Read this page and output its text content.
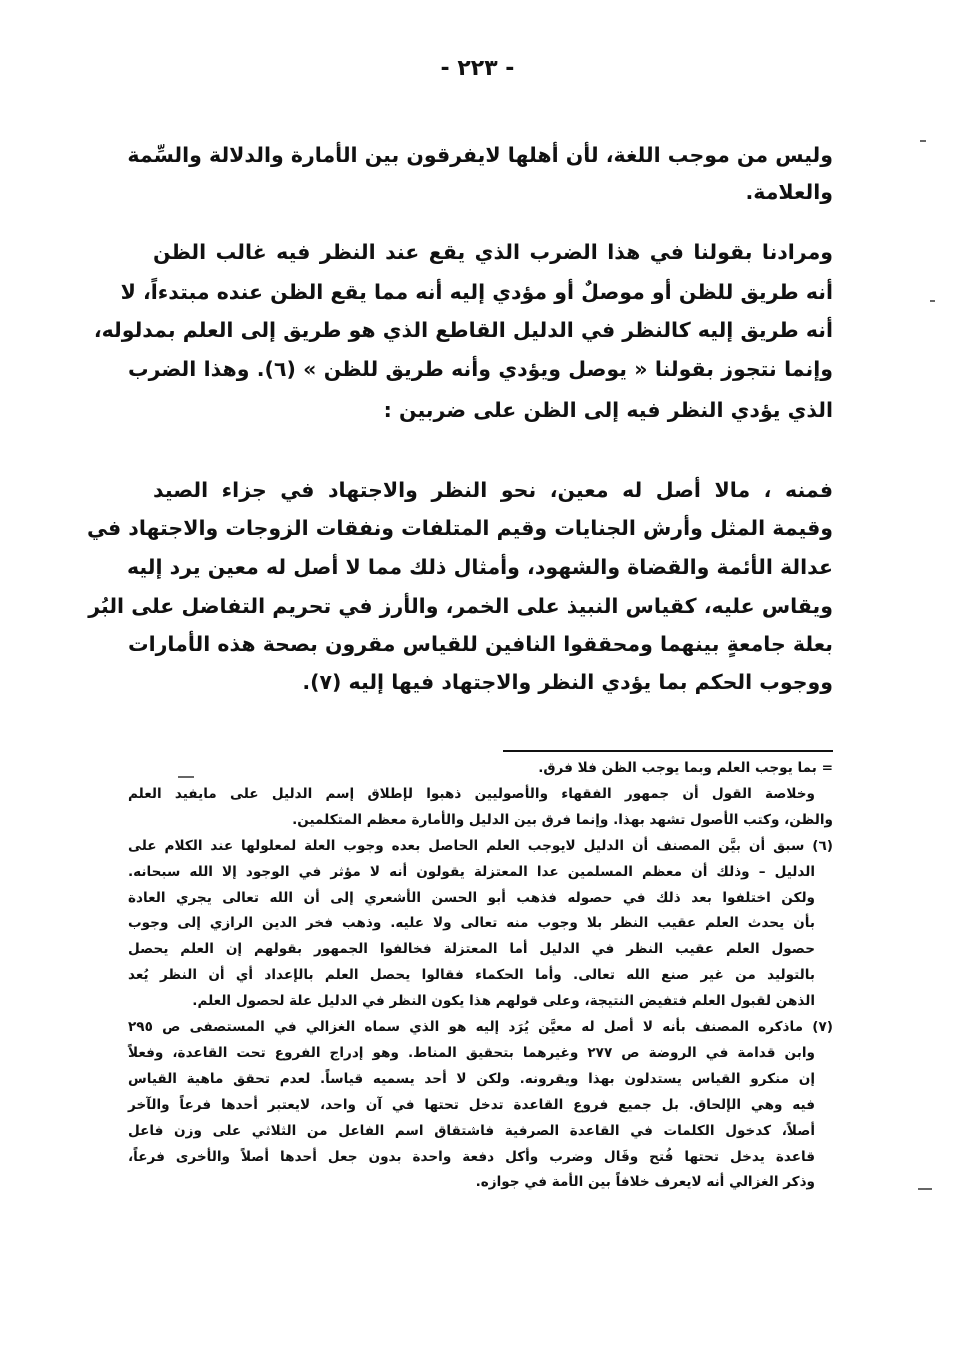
- ٢٢٣ -
وليس من موجب اللغة، لأن أهلها لايفرقون بين الأمارة والدلالة والسِّمة
والعلامة.
ومرادنا بقولنا في هذا الضرب الذي يقع عند النظر فيه غالب الظن
أنه طريق للظن أو موصلٌ أو مؤدي إليه أنه مما يقع الظن عنده مبتدءاً، لا
أنه طريق إليه كالنظر في الدليل القاطع الذي هو طريق إلى العلم بمدلوله،
وإنما نتجوز بقولنا « يوصل ويؤدي وأنه طريق للظن » (٦). وهذا الضرب
الذي يؤدي النظر فيه إلى الظن على ضربين :
فمنه ، مالا أصل له معين، نحو النظر والاجتهاد في جزاء الصيد
وقيمة المثل وأرش الجنايات وقيم المتلفات ونفقات الزوجات والاجتهاد في
عدالة الأئمة والقضاة والشهود، وأمثال ذلك مما لا أصل له معين يرد إليه
ويقاس عليه، كقياس النبيذ على الخمر، والأرز في تحريم التفاضل على البُر
بعلة جامعةٍ بينهما ومحققوا النافين للقياس مقرون بصحة هذه الأمارات
ووجوب الحكم بما يؤدي النظر والاجتهاد فيها إليه (٧).
= بما يوجب العلم وبما يوجب الظن فلا فرق.
وخلاصة القول أن جمهور الفقهاء والأصوليين ذهبوا لإطلاق إسم الدليل على مايفيد العلم
والظن، وكتب الأصول تشهد بهذا. وإنما فرق بين الدليل والأمارة معظم المتكلمين.
(٦) سبق أن بيَّن المصنف أن الدليل لايوجب العلم الحاصل بعده وجوب العلة لمعلولها عند الكلام على
الدليل – وذلك أن معظم المسلمين عدا المعتزلة يقولون أنه لا مؤثر في الوجود إلا الله سبحانه.
ولكن اختلفوا بعد ذلك في حصوله فذهب أبو الحسن الأشعري إلى أن الله تعالى يجري العادة
بأن يحدث العلم عقيب النظر بلا وجوب منه تعالى ولا عليه. وذهب فخر الدين الرازي إلى وجوب
حصول العلم عقيب النظر في الدليل أما المعتزلة فخالفوا الجمهور بقولهم إن العلم يحصل
بالتوليد من غير صنع الله تعالى. وأما الحكماء فقالوا يحصل العلم بالإعداد أي أن النظر يُعد
الذهن لقبول العلم فتفيض النتيجة، وعلى قولهم هذا يكون النظر في الدليل علة لحصول العلم.
(٧) ماذكره المصنف بأنه لا أصل له معيَّن يُرَد إليه هو الذي سماه الغزالي في المستصفى ص ٢٩٥
وابن قدامة في الروضة ص ٢٧٧ وغيرهما بتحقيق المناط. وهو إدراج الفروع تحت القاعدة، وفعلاً
إن منكرو القياس يستدلون بهذا ويقرونه. ولكن لا أحد يسميه قياساً. لعدم تحقق ماهية القياس
فيه وهي الإلحاق. بل جميع فروع القاعدة تدخل تحتها في آن واحد، لايعتبر أحدها فرعاً والآخر
أصلاً، كدخول الكلمات في القاعدة الصرفية فاشتقاق اسم الفاعل من الثلاثي على وزن فاعل
قاعدة يدخل تحتها فُتح وقَال وضرب وأكل دفعة واحدة بدون جعل أحدها أصلاً والأخرى فرعاً،
وذكر الغزالي أنه لايعرف خلافاً بين الأمة في جوازه.
